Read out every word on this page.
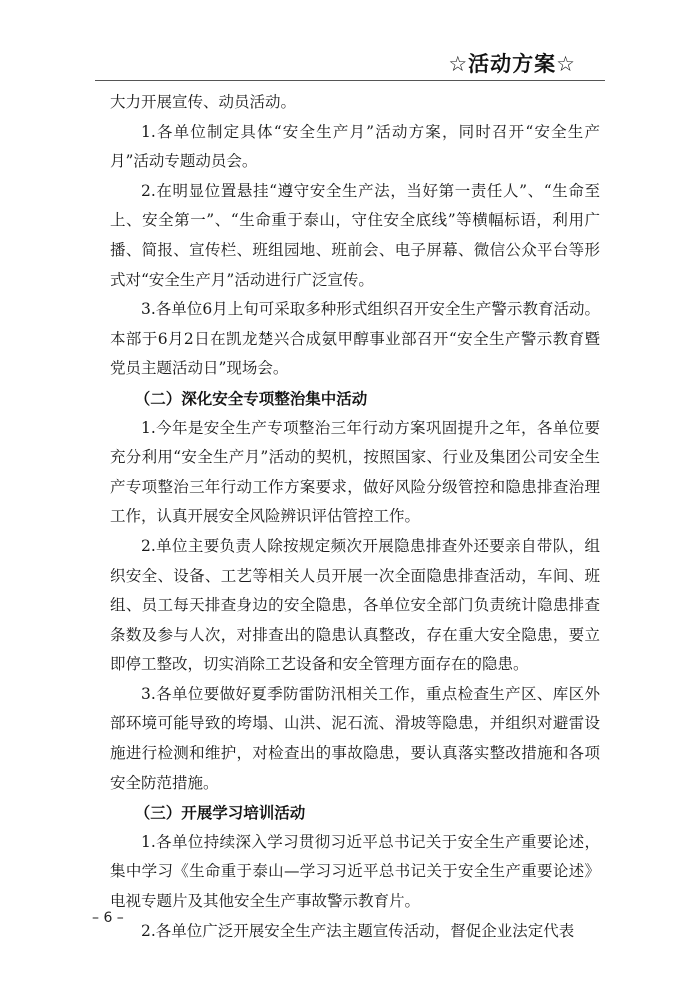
☆活动方案☆

大力开展宣传、动员活动。

1.各单位制定具体“安全生产月”活动方案，同时召开“安全生产月”活动专题动员会。

2.在明显位置悬挂“遵守安全生产法，当好第一责任人”、“生命至上、安全第一”、“生命重于泰山，守住安全底线”等横幅标语，利用广播、简报、宣传栏、班组园地、班前会、电子屏幕、微信公众平台等形式对“安全生产月”活动进行广泛宣传。

3.各单位6月上旬可采取多种形式组织召开安全生产警示教育活动。本部于6月2日在凯龙楚兴合成氨甲醇事业部召开“安全生产警示教育暨党员主题活动日”现场会。

（二）深化安全专项整治集中活动

1.今年是安全生产专项整治三年行动方案巩固提升之年，各单位要充分利用“安全生产月”活动的契机，按照国家、行业及集团公司安全生产专项整治三年行动工作方案要求，做好风险分级管控和隐患排查治理工作，认真开展安全风险辨识评估管控工作。

2.单位主要负责人除按规定频次开展隐患排查外还要亲自带队，组织安全、设备、工艺等相关人员开展一次全面隐患排查活动，车间、班组、员工每天排查身边的安全隐患，各单位安全部门负责统计隐患排查条数及参与人次，对排查出的隐患认真整改，存在重大安全隐患，要立即停工整改，切实消除工艺设备和安全管理方面存在的隐患。

3.各单位要做好夏季防雷防汛相关工作，重点检查生产区、库区外部环境可能导致的垮塌、山洪、泥石流、滑坡等隐患，并组织对避雷设施进行检测和维护，对检查出的事故隐患，要认真落实整改措施和各项安全防范措施。

（三）开展学习培训活动

1.各单位持续深入学习贯彻习近平总书记关于安全生产重要论述，集中学习《生命重于泰山—学习习近平总书记关于安全生产重要论述》电视专题片及其他安全生产事故警示教育片。

2.各单位广泛开展安全生产法主题宣传活动，督促企业法定代表

– 6 –
